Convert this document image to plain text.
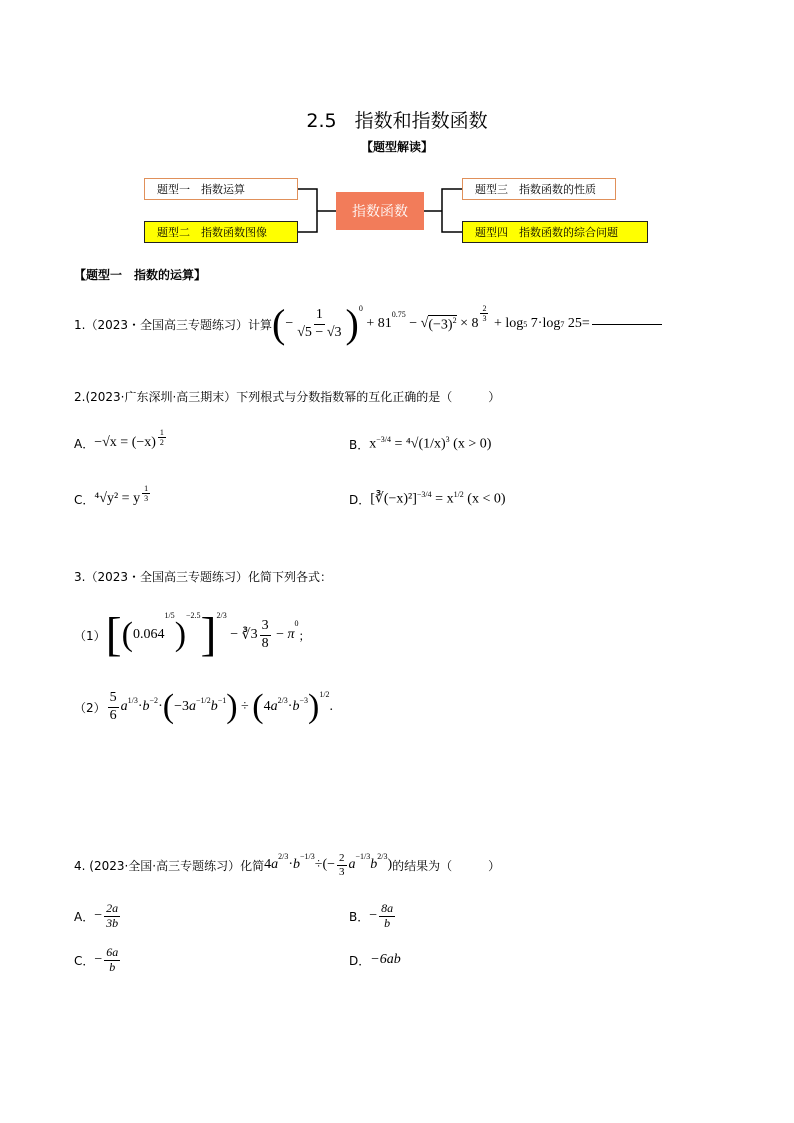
2.5 指数和指数函数
【题型解读】
题型一　指数运算
题型二　指数函数图像
指数函数
题型三　指数函数的性质
题型四　指数函数的综合问题
【题型一　指数的运算】
1.（2023・全国高三专题练习）计算 ( − $\frac{1}{√5 - √3} )^0$
+ 81
$^{0.75}$
− √ $(-3)^2 \times 8$
$\frac{2}{3}$
+ log 5
7 · log 7
25 =
2.(2023·广东深圳·高三期末）下列根式与分数指数幂的互化正确的是（　　　）
A． $-√x = (-x) \frac{1}{2}$	B． $x^{-3/4} = ^4√(1/x)^3$ (x > 0)
C． ⁴√y² = y $\frac{1}{3}$	D． [∛(−x)²]$^{-3/4}$ = $x^{1/2}$ (x < 0)
3.（2023・全国高三专题练习）化简下列各式：
（1） [ ( 0.064
1/5
)
$^{-2.5}$ ]$^{2/3}$

− ∛ $3 \frac{3}{8} - \pi$
$^0$
；
$(2) \frac{5}{6} a^{1/3} \cdot b^{-2}$ · ( −3 $a^{-1/2}$ $b^{-1}$ )
÷
( 4 $a^{2/3} \cdot b^{-3}$ )$^{1/2}$
.
4. (2023·全国·高三专题练习）化简 4 a
$^{2/3}$
· b
$^{-1/3}$
÷ (− $\frac{2}{3}$ a
$^{-1/3}$
b
$^{2/3}$
) 的结果为（　　　）
A． − $\frac{2a}{3b}$	B． − $\frac{8a}{b}$
C． − $\frac{6a}{b}$	D． −6ab
